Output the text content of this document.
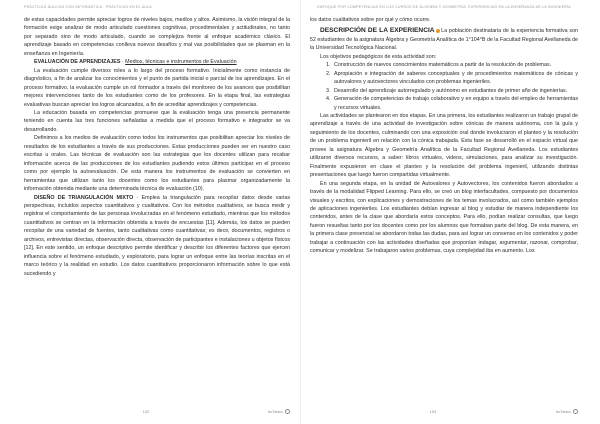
PRÁCTICAS ÁULICAS CON INFORMÁTICA · PRÁCTICAS EN EL AULA

de estas capacidades permite apreciar logros de niveles bajos, medios y altos. Asimismo, la visión integral de la formación exige analizar de modo articulado cuestiones cognitivas, procedimentales y actitudinales, no tanto por separado sino de modo articulado, cuando se complejiza frente al enfoque académico clásico. El aprendizaje basado en competencias conlleva nuevos desafíos y mal vas posibilidades que se plasman en la enseñanza en Ingeniería.

EVALUACIÓN DE APRENDIZAJES · Medios, técnicas e instrumentos de Evaluación

La evaluación cumple diversos roles a lo largo del proceso formativo. Inicialmente como instancia de diagnóstico, a fin de analizar los conocimientos y el punto de partida inicial o parcial de los aprendizajes. En el proceso formativo, la evaluación cumple un rol formador a través del monitoreo de los avances que posibilitan mejores intervenciones tanto de los estudiantes como de los profesores. En la etapa final, las estrategias evaluativas buscan apreciar los logros alcanzados, a fin de acreditar aprendizajes y competencias.

La educación basada en competencias promueve que la evaluación tenga una presencia permanente teniendo en cuenta las tres funciones señaladas a medida que el proceso formativo e integrador se va desarrollando.

Definimos a los medios de evaluación como todos los instrumentos que posibilitan apreciar los niveles de resultados de los estudiantes a través de sus producciones. Estas producciones pueden ser en nuestro caso escritas u orales. Las técnicas de evaluación son las estrategias que los docentes utilizan para recabar información acerca de las producciones de los estudiantes pudiendo estos últimos participar en el proceso como por ejemplo la autoevaluación. De esta manera los instrumentos de evaluación se convierten en herramientas que utilizan tanto los docentes como los estudiantes para plasmar organizadamente la información obtenida mediante una determinada técnica de evaluación (10).

DISEÑO DE TRIANGULACIÓN MIXTO · Emplea la triangulación para recopilar datos desde varias perspectivas, incluidos aspectos cuantitativos y cualitativos. Con los métodos cualitativos, se busca medir y registrar el comportamiento de las personas involucradas en el fenómeno estudiado, mientras que los métodos cuantitativos se centran en la información obtenida a través de encuestas [11]. Además, los datos se pueden recopilar de una variedad de fuentes, tanto cualitativas como cuantitativas; es decir, documentos, registros o archivos, entrevistas directas, observación directa, observación de participantes e instalaciones u objetos físicos [12]. En este sentido, un enfoque descriptivo permite identificar y describir los diferentes factores que ejercen influencia sobre el fenómeno estudiado, y exploratorio, para lograr un enfoque entre las teorías inscritas en el marco teórico y la realidad en estudio. Los datos cuantitativos proporcionaron información sobre lo que está sucediendo y

102	ItoTadoc
ENFOQUE POR COMPETENCIAS EN LOS CURSOS DE ÁLGEBRA Y GEOMETRÍA. EXPERIENCIAS EN LA ENSEÑANZA DE LA INGENIERÍA

los datos cualitativos sobre por qué y cómo ocurre.

DESCRIPCIÓN DE LA EXPERIENCIA La población destinataria de la experiencia formativa son 52 estudiantes de la asignatura Álgebra y Geometría Analítica de 1°104°B de la Facultad Regional Avellaneda de la Universidad Tecnológica Nacional.

Los objetivos pedagógicos de esta actividad son:

1. Construcción de nuevos conocimientos matemáticos a partir de la resolución de problemas.
2. Apropiación e integración de saberes conceptuales y de procedimientos matemáticos de cónicas y autovalores y autovectores vinculados con problemas ingenieriles.
3. Desarrollo del aprendizaje autorregulado y autónomo en estudiantes de primer año de ingenierías.
4. Generación de competencias de trabajo colaborativo y en equipo a través del empleo de herramientas y recursos virtuales.

Las actividades se plantearon en dos etapas. En una primera, los estudiantes realizaron un trabajo grupal de aprendizaje a través de una actividad de investigación sobre cónicas de manera autónoma, con la guía y seguimiento de los docentes, culminando con una exposición oral donde involucraron el planteo y la resolución de un problema ingenieril en relación con la cónica trabajada. Esta fase se desarrolló en el espacio virtual que provee la asignatura Álgebra y Geometría Analítica de la Facultad Regional Avellaneda. Los estudiantes utilizaron diversos recursos, a saber: libros virtuales, videos, simulaciones, para analizar su investigación. Finalmente expusieron en clase el planteo y la resolución del problema ingenieril, utilizando distintas presentaciones que luego fueron compartidas virtualmente.

En una segunda etapa, en la unidad de Autovalores y Autovectores, los contenidos fueron abordados a través de la modalidad Flipped Learning. Para ello, se creó un blog interfacultades, compuesto por documentos visuales y escritos, con explicaciones y demostraciones de los temas involucrados, así como también ejemplos de aplicaciones ingenieriles. Los estudiantes debían ingresar al blog y estudiar de manera independiente los contenidos, antes de la clase que abordaría estos conceptos. Para ello, podían realizar consultas, que luego fueron resueltas tanto por los docentes como por los alumnos que formaban parte del blog. De esta manera, en la primera clase presencial se abordaron todas las dudas, para así lograr un consenso en los contenidos y poder trabajar a continuación con las actividades diseñadas que proponían indagar, argumentar, razonar, comprobar, comunicar y modelizar. Se trabajaron varios problemas, cuya complejidad iba en aumento. Los

103	ItoTadoc
